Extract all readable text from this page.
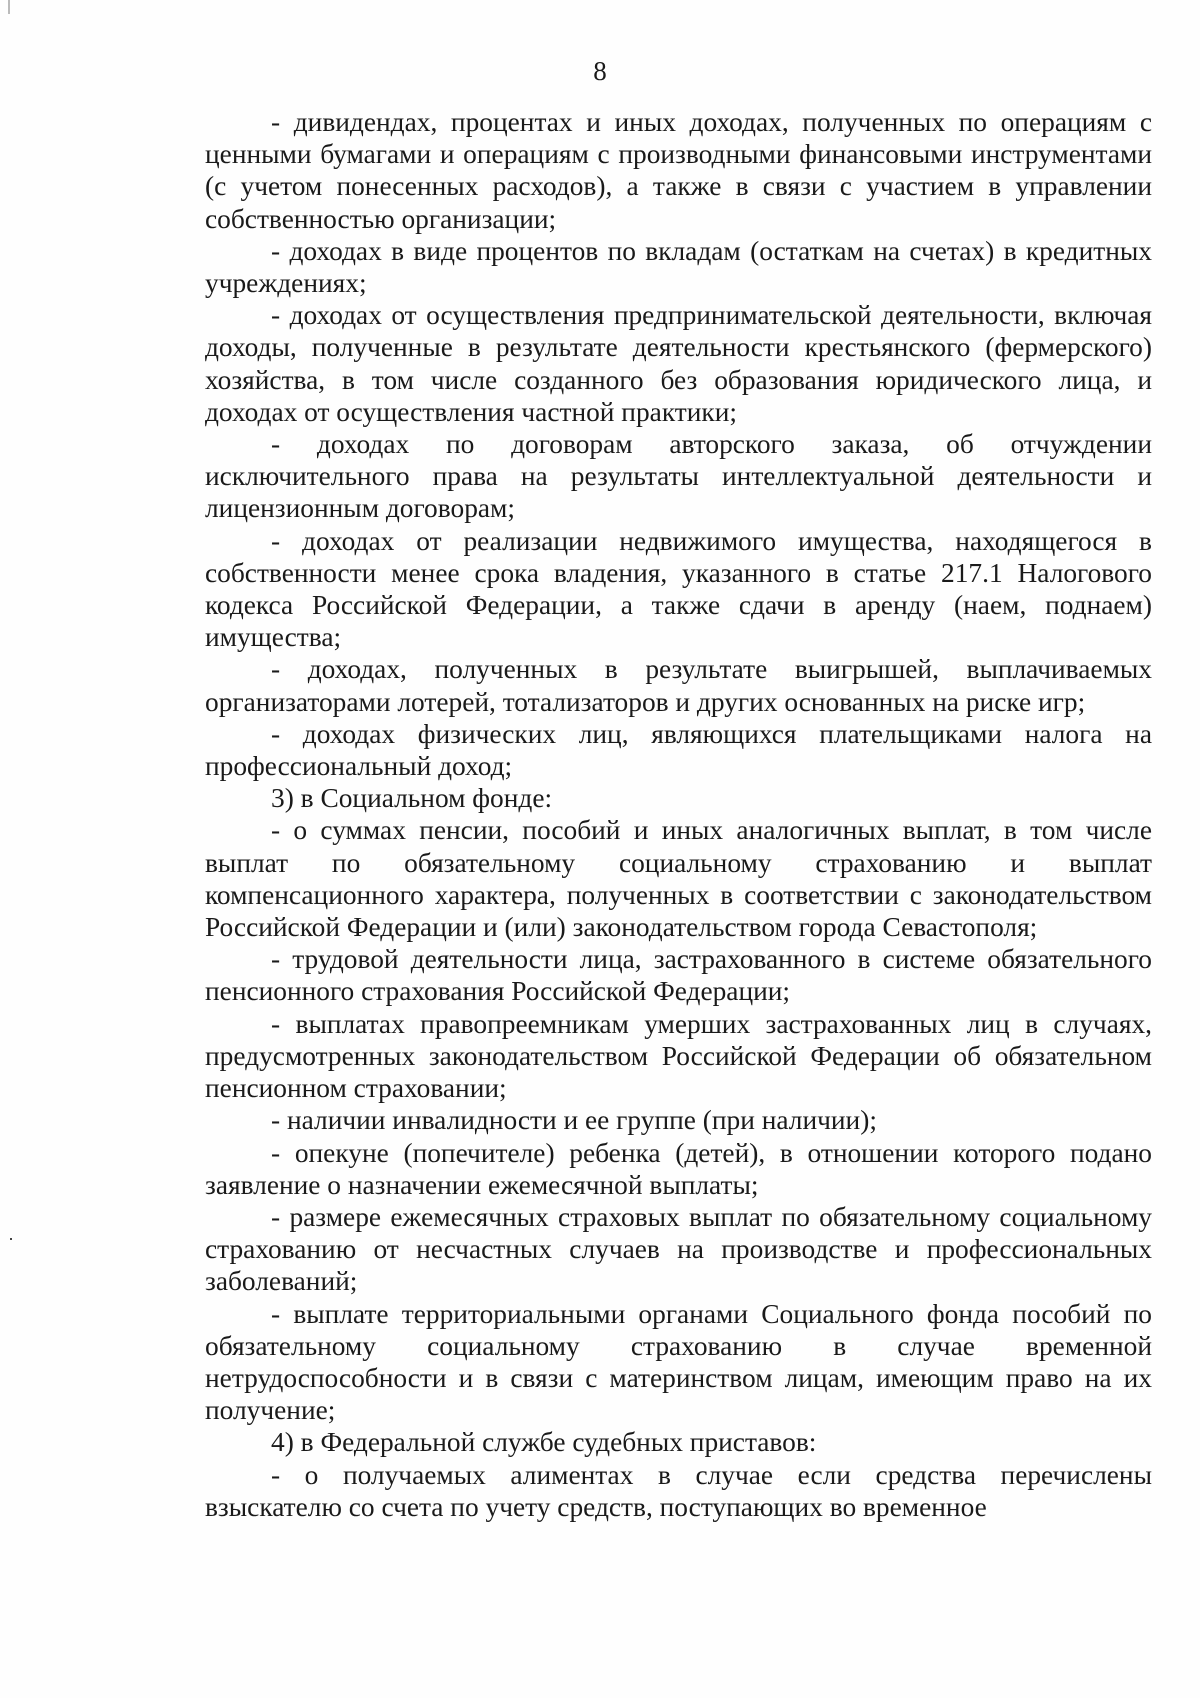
8

- дивидендах, процентах и иных доходах, полученных по операциям с ценными бумагами и операциям с производными финансовыми инструментами (с учетом понесенных расходов), а также в связи с участием в управлении собственностью организации;

- доходах в виде процентов по вкладам (остаткам на счетах) в кредитных учреждениях;

- доходах от осуществления предпринимательской деятельности, включая доходы, полученные в результате деятельности крестьянского (фермерского) хозяйства, в том числе созданного без образования юридического лица, и доходах от осуществления частной практики;

- доходах по договорам авторского заказа, об отчуждении исключительного права на результаты интеллектуальной деятельности и лицензионным договорам;

- доходах от реализации недвижимого имущества, находящегося в собственности менее срока владения, указанного в статье 217.1 Налогового кодекса Российской Федерации, а также сдачи в аренду (наем, поднаем) имущества;

- доходах, полученных в результате выигрышей, выплачиваемых организаторами лотерей, тотализаторов и других основанных на риске игр;

- доходах физических лиц, являющихся плательщиками налога на профессиональный доход;

3) в Социальном фонде:

- о суммах пенсии, пособий и иных аналогичных выплат, в том числе выплат по обязательному социальному страхованию и выплат компенсационного характера, полученных в соответствии с законодательством Российской Федерации и (или) законодательством города Севастополя;

- трудовой деятельности лица, застрахованного в системе обязательного пенсионного страхования Российской Федерации;

- выплатах правопреемникам умерших застрахованных лиц в случаях, предусмотренных законодательством Российской Федерации об обязательном пенсионном страховании;

- наличии инвалидности и ее группе (при наличии);

- опекуне (попечителе) ребенка (детей), в отношении которого подано заявление о назначении ежемесячной выплаты;

- размере ежемесячных страховых выплат по обязательному социальному страхованию от несчастных случаев на производстве и профессиональных заболеваний;

- выплате территориальными органами Социального фонда пособий по обязательному социальному страхованию в случае временной нетрудоспособности и в связи с материнством лицам, имеющим право на их получение;

4) в Федеральной службе судебных приставов:

- о получаемых алиментах в случае если средства перечислены взыскателю со счета по учету средств, поступающих во временное
